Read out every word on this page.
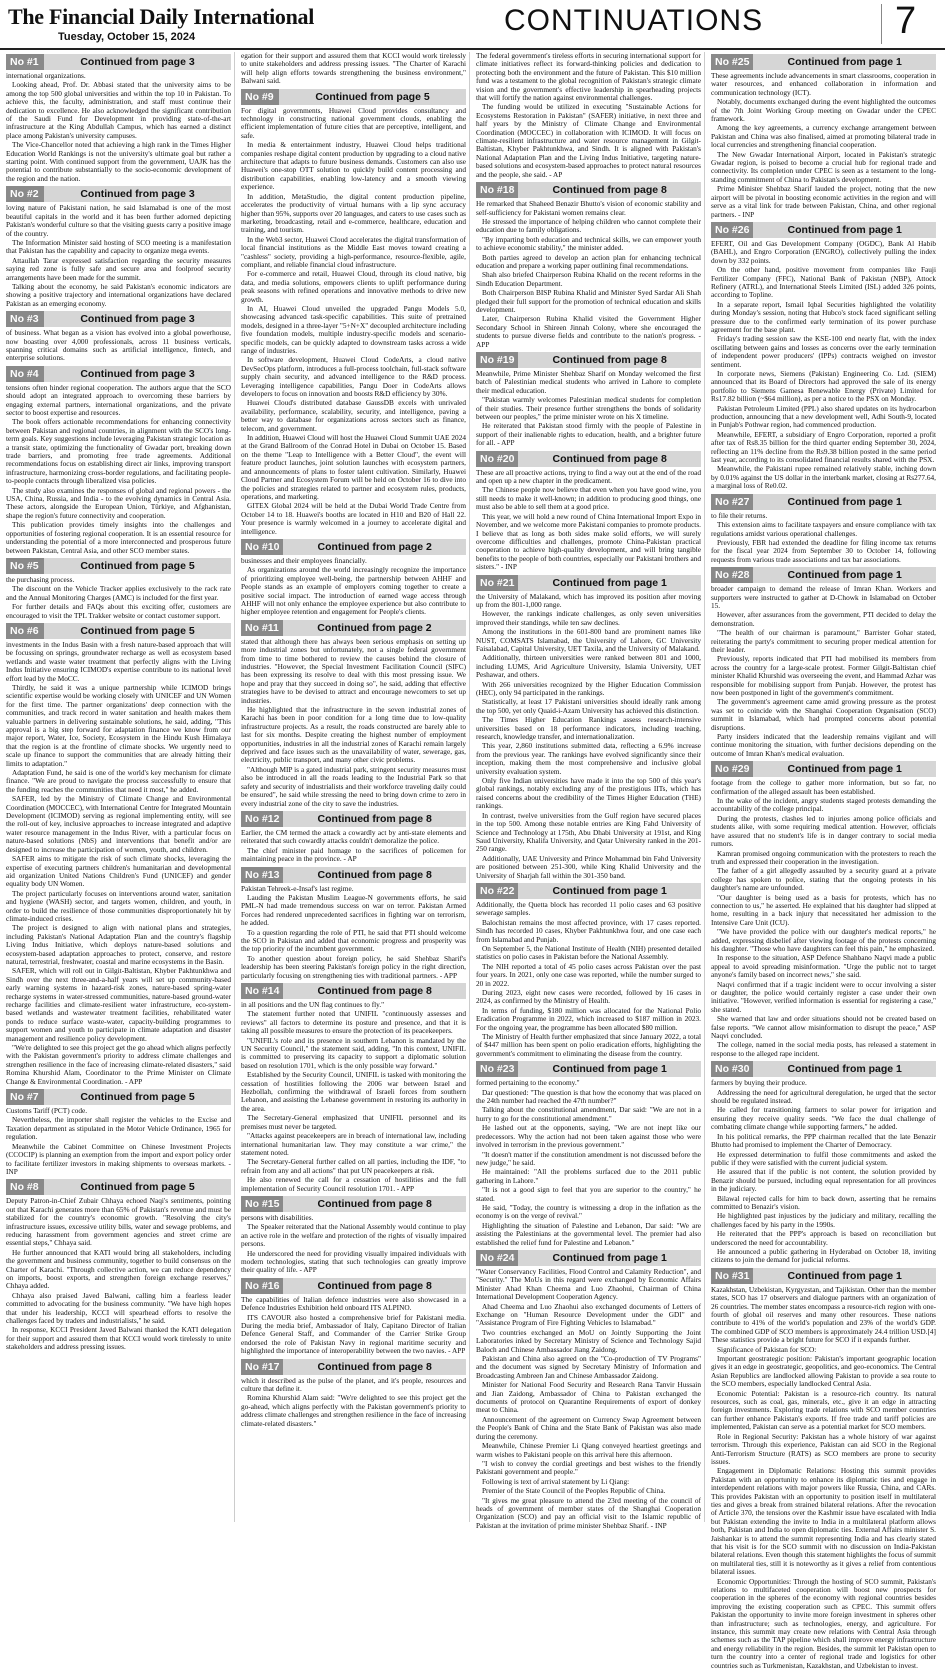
The Financial Daily International
Tuesday, October 15, 2024	CONTINUATIONS	7
No #1	Continued from page 3

international organizations.

Looking ahead, Prof. Dr. Abbasi stated that the university aims to be among the top 500 global universities and within the top 10 in Pakistan. To achieve this, the faculty, administration, and staff must continue their dedication to excellence. He also acknowledged the significant contribution of the Saudi Fund for Development in providing state-of-the-art infrastructure at the King Abdullah Campus, which has earned a distinct place among Pakistan's university campuses.

The Vice-Chancellor noted that achieving a high rank in the Times Higher Education World Rankings is not the university's ultimate goal but rather a starting point. With continued support from the government, UAJK has the potential to contribute substantially to the socio-economic development of the region and the nation.

No #2	Continued from page 3

loving nature of Pakistani nation, he said Islamabad is one of the most beautiful capitals in the world and it has been further adorned depicting Pakistan's wonderful culture so that the visiting guests carry a positive image of the country.

The Information Minister said hosting of SCO meeting is a manifestation that Pakistan has the capability and capacity to organize mega events.

Attaullah Tarar expressed satisfaction regarding the security measures saying red zone is fully safe and secure area and foolproof security arrangements have been made for the summit.

Talking about the economy, he said Pakistan's economic indicators are showing a positive trajectory and international organizations have declared Pakistan as an emerging economy.

No #3	Continued from page 3

of business. What began as a vision has evolved into a global powerhouse, now boasting over 4,000 professionals, across 11 business verticals, spanning critical domains such as artificial intelligence, fintech, and enterprise solutions.

No #4	Continued from page 3

tensions often hinder regional cooperation. The authors argue that the SCO should adopt an integrated approach to overcoming these barriers by engaging external partners, international organizations, and the private sector to boost expertise and resources.

The book offers actionable recommendations for enhancing connectivity between Pakistan and regional countries, in alignment with the SCO's long-term goals. Key suggestions include leveraging Pakistan strategic location as a transit state, optimizing the functionality of Gwadar port, breaking down trade barriers, and promoting free trade agreements. Additional recommendations focus on establishing direct air links, improving transport infrastructure, harmonizing cross-border regulations, and facilitating people-to-people contacts through liberalized visa policies.

The study also examines the responses of global and regional powers - the USA, China, Russia, and India - to the evolving dynamics in Central Asia. These actors, alongside the European Union, Türkiye, and Afghanistan, shape the region's future connectivity and cooperation.

This publication provides timely insights into the challenges and opportunities of fostering regional cooperation. It is an essential resource for understanding the potential of a more interconnected and prosperous future between Pakistan, Central Asia, and other SCO member states.

No #5	Continued from page 5

the purchasing process.

The discount on the Vehicle Tracker applies exclusively to the rack rate and the Annual Monitoring Charges (AMC) is included for the first year.

For further details and FAQs about this exciting offer, customers are encouraged to visit the TPL Trakker website or contact customer support.

No #6	Continued from page 5

investments in the Indus Basin with a fresh nature-based approach that will be focussing on springs, groundwater recharge as well as ecosystem based wetlands and waste water treatment that perfectly aligns with the Living Indus Initiative ensuring ICIMOD's expertise contribute to its national level effort lead by the MoCC.

Thirdly, he said it was a unique partnership while ICIMOD brings scientific expertise would be working closely with UNICEF and UN Women for the first time. The partner organizations' deep connection with the communities, and track record in water sanitation and health makes them valuable partners in delivering sustainable solutions, he said, adding, "This approval is a big step forward for adaptation finance we know from our major report, Water, Ice, Society, Ecosystem in the Hindu Kush Himalaya that the region is at the frontline of climate shocks. We urgently need to scale up finance to support the communities that are already hitting their limits to adaptation."

Adaptation Fund, he said is one of the world's key mechanism for climate finance. "We are proud to navigate the process successfully to ensure that the funding reaches the communities that need it most," he added.

SAFER, led by the Ministry of Climate Change and Environmental Coordination (MOCCEC), with International Centre for Integrated Mountain Development (ICIMOD) serving as regional implementing entity, will see the roll-out of key, inclusive approaches to increase integrated and adaptive water resource management in the Indus River, with a particular focus on nature-based solutions (NbS) and interventions that benefit and/or are designed to increase the participation of women, youth, and children.

SAFER aims to mitigate the risk of such climate shocks, leveraging the expertise of executing partners children's humanitarian and developmental aid organization United Nations Children's Fund (UNICEF) and gender equality body UN Women.

The project particularly focuses on interventions around water, sanitation and hygiene (WASH) sector, and targets women, children, and youth, in order to build the resilience of those communities disproportionately hit by climate-induced crises.

The project is designed to align with national plans and strategies, including Pakistan's National Adaptation Plan and the country's flagship Living Indus Initiative, which deploys nature-based solutions and ecosystem-based adaptation approaches to protect, conserve, and restore natural, terrestrial, freshwater, coastal and marine ecosystems in the Basin.

SAFER, which will roll out in Gilgit-Baltistan, Khyber Pakhtunkhwa and Sindh over the next three-and-a-half years will set up community-based early warning systems in hazard-risk zones, nature-based spring-water recharge systems in water-stressed communities, nature-based ground-water recharge facilities and climate-resilient water infrastructure, eco-system-based wetlands and wastewater treatment facilities, rehabilitated water ponds to reduce surface waste-water, capacity-building programmes to support women and youth to participate in climate adaptation and disaster management and resilience policy development.

"We're delighted to see this project get the go ahead which aligns perfectly with the Pakistan government's priority to address climate challenges and strengthen resilience in the face of increasing climate-related disasters," said Romina Khurshid Alam, Coordinator to the Prime Minister on Climate Change & Environmental Coordination. - APP

No #7	Continued from page 5

Customs Tariff (PCT) code.

Nevertheless, the importer shall register the vehicles to the Excise and Taxation department as stipulated in the Motor Vehicle Ordinance, 1965 for regulation.

Meanwhile the Cabinet Committee on Chinese Investment Projects (CCOCIP) is planning an exemption from the import and export policy order to facilitate fertilizer investors in making shipments to overseas markets. - INP

No #8	Continued from page 5

Deputy Patron-in-Chief Zubair Chhaya echoed Naqi's sentiments, pointing out that Karachi generates more than 65% of Pakistan's revenue and must be stabilized for the country's economic growth. "Resolving the city's infrastructure issues, excessive utility bills, water and sewage problems, and reducing harassment from government agencies and street crime are essential steps," Chhaya said.

He further announced that KATI would bring all stakeholders, including the government and business community, together to build consensus on the Charter of Karachi. "Through collective action, we can reduce dependency on imports, boost exports, and strengthen foreign exchange reserves," Chhaya added.

Chhaya also praised Javed Balwani, calling him a fearless leader committed to advocating for the business community. "We have high hopes that under his leadership, KCCI will spearhead efforts to resolve the challenges faced by traders and industrialists," he said.

In response, KCCI President Javed Balwani thanked the KATI delegation for their support and assured them that KCCI would work tirelessly to unite stakeholders and address pressing issues.

egation for their support and assured them that KCCI would work tirelessly to unite stakeholders and address pressing issues. "The Charter of Karachi will help align efforts towards strengthening the business environment," Balwani said.

No #9	Continued from page 5

For digital governments, Huawei Cloud provides consultancy and technology in constructing national government clouds, enabling the efficient implementation of future cities that are perceptive, intelligent, and safe.

In media & entertainment industry, Huawei Cloud helps traditional companies reshape digital content production by upgrading to a cloud native architecture that adapts to future business demands. Customers can also use Huawei's one-stop OTT solution to quickly build content processing and distribution capabilities, enabling low-latency and a smooth viewing experience.

In addition, MetaStudio, the digital content production pipeline, accelerates the productivity of virtual humans with a lip sync accuracy higher than 95%, supports over 20 languages, and caters to use cases such as marketing, broadcasting, retail and e-commerce, healthcare, education and training, and tourism.

In the Web3 sector, Huawei Cloud accelerates the digital transformation of local financial institutions as the Middle East moves toward creating a "cashless" society, providing a high-performance, resource-flexible, agile, compliant, and reliable financial cloud infrastructure.

For e-commerce and retail, Huawei Cloud, through its cloud native, big data, and media solutions, empowers clients to uplift performance during peak seasons with refined operations and innovative methods to drive new growth.

In AI, Huawei Cloud unveiled the upgraded Pangu Models 5.0, showcasing advanced task-specific capabilities. This suite of pretrained models, designed in a three-layer "5+N+X" decoupled architecture including five foundation models, multiple industry-specific models and scenario-specific models, can be quickly adapted to downstream tasks across a wide range of industries.

In software development, Huawei Cloud CodeArts, a cloud native DevSecOps platform, introduces a full-process toolchain, full-stack software supply chain security, and advanced intelligence to the R&D process. Leveraging intelligence capabilities, Pangu Doer in CodeArts allows developers to focus on innovation and boosts R&D efficiency by 30%.

Huawei Cloud's distributed database GaussDB excels with unrivaled availability, performance, scalability, security, and intelligence, paving a better way to database for organizations across sectors such as finance, telecom, and government.

In addition, Huawei Cloud will host the Huawei Cloud Summit UAE 2024 at the Grand Ballroom of the Conrad Hotel in Dubai on October 15. Based on the theme "Leap to Intelligence with a Better Cloud", the event will feature product launches, joint solution launches with ecosystem partners, and announcements of plans to foster talent cultivation. Similarly, Huawei Cloud Partner and Ecosystem Forum will be held on October 16 to dive into the policies and strategies related to partner and ecosystem rules, products, operations, and marketing.

GITEX Global 2024 will be held at the Dubai World Trade Centre from October 14 to 18. Huawei's booths are located in H10 and B20 of Hall 22. Your presence is warmly welcomed in a journey to accelerate digital and intelligence.

No #10	Continued from page 2

businesses and their employees financially.

As organizations around the world increasingly recognize the importance of prioritizing employee well-being, the partnership between AHHF and People stands as an example of employers coming together to create a positive social impact. The introduction of earned wage access through AHHF will not only enhance the employee experience but also contribute to higher employee retention and engagement for People's clients.

No #11	Continued from page 2

stated that although there has always been serious emphasis on setting up more industrial zones but unfortunately, not a single federal government from time to time bothered to review the causes behind the closure of industries. "However, the Special Investment Facilitation Council (SIFC) has been expressing its resolve to deal with this most pressing issue. We hope and pray that they succeed in doing so", he said, adding that effective strategies have to be devised to attract and encourage newcomers to set up industries.

He highlighted that the infrastructure in the seven industrial zones of Karachi has been in poor condition for a long time due to low-quality infrastructure projects. As a result, the roads constructed are barely able to last for six months. Despite creating the highest number of employment opportunities, industries in all the industrial zones of Karachi remain largely deprived and face issues such as the unavailability of water, sewerage, gas, electricity, public transport, and many other civic problems.

"Although MIP is a gated industrial park, stringent security measures must also be introduced in all the roads leading to the Industrial Park so that safety and security of industrialists and their workforce traveling daily could be ensured", he said while stressing the need to bring down crime to zero in every industrial zone of the city to save the industries.

No #12	Continued from page 8

Earlier, the CM termed the attack a cowardly act by anti-state elements and reiterated that such cowardly attacks couldn't demoralize the police.

The chief minister paid homage to the sacrifices of policemen for maintaining peace in the province. - AP

No #13	Continued from page 8

Pakistan Tehreek-e-Insaf's last regime.

Lauding the Pakistan Muslim League-N governments efforts, he said PML-N had made tremendous success on war on terror. Pakistan Armed Forces had rendered unprecedented sacrifices in fighting war on terrorism, he added.

To a question regarding the role of PTI, he said that PTI should welcome the SCO in Pakistan and added that economic progress and prosperity was the top priority of the incumbent government.

To another question about foreign policy, he said Shehbaz Sharif's leadership has been steering Pakistan's foreign policy in the right direction, particularly focusing on strengthening ties with traditional partners. - APP

No #14	Continued from page 8

in all positions and the UN flag continues to fly."

The statement further noted that UNIFIL "continuously assesses and reviews" all factors to determine its posture and presence, and that it is taking all possible measures to ensure the protection of its peacekeepers.

"UNIFIL's role and its presence in southern Lebanon is mandated by the UN Security Council," the statement said, adding, "In this context, UNIFIL is committed to preserving its capacity to support a diplomatic solution based on resolution 1701, which is the only possible way forward."

Established by the Security Council, UNIFIL is tasked with monitoring the cessation of hostilities following the 2006 war between Israel and Hezbollah, confirming the withdrawal of Israeli forces from southern Lebanon, and assisting the Lebanese government in restoring its authority in the area.

The Secretary-General emphasized that UNIFIL personnel and its premises must never be targeted.

"Attacks against peacekeepers are in breach of international law, including international humanitarian law. They may constitute a war crime," the statement noted.

The Secretary-General further called on all parties, including the IDF, "to refrain from any and all actions" that put UN peacekeepers at risk.

He also renewed the call for a cessation of hostilities and the full implementation of Security Council resolution 1701. - APP

No #15	Continued from page 8

persons with disabilities.

The Speaker reiterated that the National Assembly would continue to play an active role in the welfare and protection of the rights of visually impaired persons.

He underscored the need for providing visually impaired individuals with modern technologies, stating that such technologies can greatly improve their quality of life. - APP

No #16	Continued from page 8

The capabilities of Italian defence industries were also showcased in a Defence Industries Exhibition held onboard ITS ALPINO.

ITS CAVOUR also hosted a comprehensive brief for Pakistani media. During the media brief, Ambassador of Italy, Capitano Director of Italian Defence General Staff, and Commander of the Carrier Strike Group endorsed the role of Pakistan Navy in regional maritime security and highlighted the importance of interoperability between the two navies. - APP

No #17	Continued from page 8

which it described as the pulse of the planet, and it's people, resources and culture that define it.

Romina Khurshid Alam said: "We're delighted to see this project get the go-ahead, which aligns perfectly with the Pakistan government's priority to address climate challenges and strengthen resilience in the face of increasing climate-related disasters."

The federal government's tireless efforts in securing international support for climate initiatives reflect its forward-thinking policies and dedication to protecting both the environment and the future of Pakistan. This $10 million fund was a testament to the global recognition of Pakistan's strategic climate vision and the government's effective leadership in spearheading projects that will fortify the nation against environmental challenges.

The funding would be utilized in executing "Sustainable Actions for Ecosystems Restoration in Pakistan" (SAFER) initiative, in next three and half years by the Ministry of Climate Change and Environmental Coordination (MOCCEC) in collaboration with ICIMOD. It will focus on climate-resilient infrastructure and water resource management in Gilgit-Baltistan, Khyber Pakhtunkhwa, and Sindh. It is aligned with Pakistan's National Adaptation Plan and the Living Indus Initiative, targeting nature-based solutions and ecosystem-based approaches to protect natural resources and the people, she said. - AP

No #18	Continued from page 8

He remarked that Shaheed Benazir Bhutto's vision of economic stability and self-sufficiency for Pakistani women remains clear.

He stressed the importance of helping children who cannot complete their education due to family obligations.

"By imparting both education and technical skills, we can empower youth to achieve economic stability," the minister added.

Both parties agreed to develop an action plan for enhancing technical education and prepare a working paper outlining final recommendations.

Shah also briefed Chairperson Rubina Khalid on the recent reforms in the Sindh Education Department.

Both Chairperson BISP Rubina Khalid and Minister Syed Sardar Ali Shah pledged their full support for the promotion of technical education and skills development.

Later, Chairperson Rubina Khalid visited the Government Higher Secondary School in Shireen Jinnah Colony, where she encouraged the students to pursue diverse fields and contribute to the nation's progress. - APP

No #19	Continued from page 8

Meanwhile, Prime Minister Shehbaz Sharif on Monday welcomed the first batch of Palestinian medical students who arrived in Lahore to complete their medical education.

"Pakistan warmly welcomes Palestinian medical students for completion of their studies. Their presence further strengthens the bonds of solidarity between our peoples," the prime minister wrote on his X timeline.

He reiterated that Pakistan stood firmly with the people of Palestine in support of their inalienable rights to education, health, and a brighter future for all. - APP

No #20	Continued from page 8

These are all proactive actions, trying to find a way out at the end of the road and open up a new chapter in the predicament.

The Chinese people now believe that even when you have good wine, you still needs to make it well-known; in addition to producing good things, one must also be able to sell them at a good price.

This year, we will hold a new round of China International Import Expo in November, and we welcome more Pakistani companies to promote products. I believe that as long as both sides make solid efforts, we will surely overcome difficulties and challenges, promote China-Pakistan practical cooperation to achieve high-quality development, and will bring tangible benefits to the people of both countries, especially our Pakistani brothers and sisters." - INP

No #21	Continued from page 1

the University of Malakand, which has improved its position after moving up from the 801-1,000 range.

However, the rankings indicate challenges, as only seven universities improved their standings, while ten saw declines.

Among the institutions in the 601-800 band are prominent names like NUST, COMSATS Islamabad, the University of Lahore, GC University Faisalabad, Capital University, UET Taxila, and the University of Malakand.

Additionally, thirteen universities were ranked between 801 and 1000, including LUMS, Arid Agriculture University, Islamia University, UET Peshawar, and others.

With 266 universities recognized by the Higher Education Commission (HEC), only 94 participated in the rankings.

Statistically, at least 17 Pakistani universities should ideally rank among the top 500, yet only Quaid-i-Azam University has achieved this distinction.

The Times Higher Education Rankings assess research-intensive universities based on 18 performance indicators, including teaching, research, knowledge transfer, and internationalization.

This year, 2,860 institutions submitted data, reflecting a 6.9% increase from the previous year. The rankings have evolved significantly since their inception, making them the most comprehensive and inclusive global university evaluation system.

Only five Indian universities have made it into the top 500 of this year's global rankings, notably excluding any of the prestigious IITs, which has raised concerns about the credibility of the Times Higher Education (THE) rankings.

In contrast, twelve universities from the Gulf region have secured places in the top 500. Among these notable entries are King Fahd University of Science and Technology at 175th, Abu Dhabi University at 191st, and King Saud University, Khalifa University, and Qatar University ranked in the 201-250 range.

Additionally, UAE University and Prince Mohammad bin Fahd University are positioned between 251-300, while King Khalid University and the University of Sharjah fall within the 301-350 band.

No #22	Continued from page 1

Additionally, the Quetta block has recorded 11 polio cases and 63 positive sewerage samples.

Balochistan remains the most affected province, with 17 cases reported. Sindh has recorded 10 cases, Khyber Pakhtunkhwa four, and one case each from Islamabad and Punjab.

On September 5, the National Institute of Health (NIH) presented detailed statistics on polio cases in Pakistan before the National Assembly.

The NIH reported a total of 45 polio cases across Pakistan over the past four years. In 2021, only one case was reported, while the number surged to 20 in 2022.

During 2023, eight new cases were recorded, followed by 16 cases in 2024, as confirmed by the Ministry of Health.

In terms of funding, $180 million was allocated for the National Polio Eradication Programme in 2022, which increased to $187 million in 2023. For the ongoing year, the programme has been allocated $80 million.

The Ministry of Health further emphasized that since January 2022, a total of $447 million has been spent on polio eradication efforts, highlighting the government's commitment to eliminating the disease from the country.

No #23	Continued from page 1

formed pertaining to the economy."

Dar questioned: "The question is that how the economy that was placed on the 24th number had reached the 47th number?"

Talking about the constitutional amendment, Dar said: "We are not in a hurry to go for the constitutional amendment."

He lashed out at the opponents, saying, "We are not inept like our predecessors. Why the action had not been taken against those who were involved in terrorism in the previous government."

"It doesn't matter if the constitution amendment is not discussed before the new judge," he said.

He maintained: "All the problems surfaced due to the 2011 public gathering in Lahore."

"It is not a good sign to feel that you are superior to the country," he stated.

He said, "Today, the country is witnessing a drop in the inflation as the economy is on the verge of revival."

Highlighting the situation of Palestine and Lebanon, Dar said: "We are assisting the Palestinians at the governmental level. The premier had also established the relief fund for Palestine and Lebanon."

No #24	Continued from page 1

"Water Conservancy Facilities, Flood Control and Calamity Reduction", and "Security." The MoUs in this regard were exchanged by Economic Affairs Minister Ahad Khan Cheema and Luo Zhaohui, Chairman of China International Development Cooperation Agency.

Ahad Cheema and Luo Zhaohui also exchanged documents of Letters of Exchange on "Human Resource Development under the GDI" and "Assistance Program of Fire Fighting Vehicles to Islamabad."

Two countries exchanged an MoU on Jointly Supporting the Joint Laboratories inked by Secretary Ministry of Science and Technology Sajid Baloch and Chinese Ambassador Jiang Zaidong.

Pakistan and China also agreed on the "Co-production of TV Programs" and the document was signed by Secretary Ministry of Information and Broadcasting Ambreen Jan and Chinese Ambassador Zaidong.

Minister for National Food Security and Research Rana Tanvir Hussain and Jian Zaidong, Ambassador of China to Pakistan exchanged the documents of protocol on Quarantine Requirements of export of donkey meat to China.

Announcement of the agreement on Currency Swap Agreement between the People's Bank of China and the State Bank of Pakistan was also made during the ceremony.

Meanwhile, Chinese Premier Li Qiang conveyed heartiest greetings and warm wishes to Pakistani people on this arrival here this afternoon.

"I wish to convey the cordial greetings and best wishes to the friendly Pakistani government and people."

Following is text of arrival statement by Li Qiang:

Premier of the State Council of the Peoples Republic of China.

"It gives me great pleasure to attend the 23rd meeting of the council of heads of government of member states of the Shanghai Cooperation Organization (SCO) and pay an official visit to the Islamic republic of Pakistan at the invitation of prime minister Shehbaz Sharif. - INP

No #25	Continued from page 1

These agreements include advancements in smart classrooms, cooperation in water resources, and enhanced collaboration in information and communication technology (ICT).

Notably, documents exchanged during the event highlighted the outcomes of the 7th Joint Working Group meeting on Gwadar under the CPEC framework.

Among the key agreements, a currency exchange arrangement between Pakistan and China was also finalised, aimed at promoting bilateral trade in local currencies and strengthening financial cooperation.

The New Gwadar International Airport, located in Pakistan's strategic Gwadar region, is poised to become a crucial hub for regional trade and connectivity. Its completion under CPEC is seen as a testament to the long-standing commitment of China to Pakistan's development.

Prime Minister Shehbaz Sharif lauded the project, noting that the new airport will be pivotal in boosting economic activities in the region and will serve as a vital link for trade between Pakistan, China, and other regional partners. - INP

No #26	Continued from page 1

EFERT, Oil and Gas Development Company (OGDC), Bank Al Habib (BAHL), and Engro Corporation (ENGRO), collectively pulling the index down by 332 points.

On the other hand, positive movement from companies like Fauji Fertilizer Company (FFC), National Bank of Pakistan (NBP), Attock Refinery (ATRL), and International Steels Limited (ISL) added 326 points, according to Topline.

In a separate report, Ismail Iqbal Securities highlighted the volatility during Monday's session, noting that Hubco's stock faced significant selling pressure due to the confirmed early termination of its power purchase agreement for the base plant.

Friday's trading session saw the KSE-100 end nearly flat, with the index oscillating between gains and losses as concerns over the early termination of independent power producers' (IPPs) contracts weighed on investor sentiment.

In corporate news, Siemens (Pakistan) Engineering Co. Ltd. (SIEM) announced that its Board of Directors had approved the sale of its energy portfolio to Siemens Gamesa Renewable Energy (Private) Limited for Rs17.82 billion (~$64 million), as per a notice to the PSX on Monday.

Pakistan Petroleum Limited (PPL) also shared updates on its hydrocarbon production, announcing that a new development well, Adhi South-9, located in Punjab's Pothwar region, had commenced production.

Meanwhile, EFERT, a subsidiary of Engro Corporation, reported a profit after tax of Rs8.35 billion for the third quarter ending September 30, 2024, reflecting an 11% decline from the Rs9.38 billion posted in the same period last year, according to its consolidated financial results shared with the PSX.

Meanwhile, the Pakistani rupee remained relatively stable, inching down by 0.01% against the US dollar in the interbank market, closing at Rs277.64, a marginal loss of Re0.02.

No #27	Continued from page 1

to file their returns.

This extension aims to facilitate taxpayers and ensure compliance with tax regulations amidst various operational challenges.

Previously, FBR had extended the deadline for filing income tax returns for the fiscal year 2024 from September 30 to October 14, following requests from various trade associations and tax bar associations.

No #28	Continued from page 1

broader campaign to demand the release of Imran Khan. Workers and supporters were instructed to gather at D-Chowk in Islamabad on October 15.

However, after assurances from the government, PTI decided to delay the demonstration.

"The health of our chairman is paramount," Barrister Gohar stated, reiterating the party's commitment to securing proper medical attention for their leader.

Previously, reports indicated that PTI had mobilised its members from across the country for a large-scale protest. Former Gilgit-Baltistan chief minister Khalid Khurshid was overseeing the event, and Hammad Azhar was responsible for mobilising support from Punjab. However, the protest has now been postponed in light of the government's commitment.

The government's agreement came amid growing pressure as the protest was set to coincide with the Shanghai Cooperation Organisation (SCO) summit in Islamabad, which had prompted concerns about potential disruptions.

Party insiders indicated that the leadership remains vigilant and will continue monitoring the situation, with further decisions depending on the outcome of Imran Khan's medical evaluation.

No #29	Continued from page 1

footage from the college to gather more information, but so far, no confirmation of the alleged assault has been established.

In the wake of the incident, angry students staged protests demanding the accountability of the college principal.

During the protests, clashes led to injuries among police officials and students alike, with some requiring medical attention. However, officials have assured that no student's life is in danger contrary to social media rumors.

Kamran promised ongoing communication with the protesters to reach the truth and expressed their cooperation in the investigation.

The father of a girl allegedly assaulted by a security guard at a private college has spoken to police, stating that the ongoing protests in his daughter's name are unfounded.

"Our daughter is being used as a basis for protests, which has no connection to us," he asserted. He explained that his daughter had slipped at home, resulting in a back injury that necessitated her admission to the Intensive Care Unit (ICU).

"We have provided the police with our daughter's medical reports," he added, expressing disbelief after viewing footage of the protests concerning his daughter. "Those who have daughters can feel this pain," he emphasized.

In response to the situation, ASP Defence Shahbano Naqvi made a public appeal to avoid spreading misinformation. "Urge the public not to target anyone's family based on incorrect news," she said.

Naqvi confirmed that if a tragic incident were to occur involving a sister or daughter, the police would certainly register a case under their own initiative. "However, verified information is essential for registering a case," she stated.

She warned that law and order situations should not be created based on false reports. "We cannot allow misinformation to disrupt the peace," ASP Naqvi concluded.

The college, named in the social media posts, has released a statement in response to the alleged rape incident.

No #30	Continued from page 1

farmers by buying their produce.

Addressing the need for agricultural deregulation, he urged that the sector should be regulated instead.

He called for transitioning farmers to solar power for irrigation and ensuring they receive quality seeds. "We face the dual challenge of combating climate change while supporting farmers," he added.

In his political remarks, the PPP chairman recalled that the late Benazir Bhutto had promised to implement the Charter of Democracy.

He expressed determination to fulfil those commitments and asked the public if they were satisfied with the current judicial system.

He assured that if the public is not content, the solution provided by Benazir should be pursued, including equal representation for all provinces in the judiciary.

Bilawal rejected calls for him to back down, asserting that he remains committed to Benazir's vision.

He highlighted past injustices by the judiciary and military, recalling the challenges faced by his party in the 1990s.

He reiterated that the PPP's approach is based on reconciliation but underscored the need for accountability.

He announced a public gathering in Hyderabad on October 18, inviting citizens to join the demand for judicial reforms.

No #31	Continued from page 1

Kazakhstan, Uzbekistan, Kyrgyzstan, and Tajikistan. Other than the member states, SCO has 17 observers and dialogue partners with an organization of 26 countries. The member states encompass a resource-rich region with one-fourth of global oil reserves and many other resources. These nations contribute to 41% of the world's population and 23% of the world's GDP. The combined GDP of SCO members is approximately 24.4 trillion USD.[4] These statistics provide a bright future for SCO if it expands further.

Significance of Pakistan for SCO:

Important geostrategic position: Pakistan's important geographic location gives it an edge in geostrategic, geopolitics, and geo-economics. The Central Asian Republics are landlocked allowing Pakistan to provide a sea route to the SCO members, especially landlocked Central Asia.

Economic Potential: Pakistan is a resource-rich country. Its natural resources, such as coal, gas, minerals, etc., give it an edge in attracting foreign investments. Exploring trade relations with SCO member countries can further enhance Pakistan's exports. If free trade and tariff policies are implemented, Pakistan can serve as a potential market for SCO members.

Role in Regional Security: Pakistan has a whole history of war against terrorism. Through this experience, Pakistan can aid SCO in the Regional Anti-Terrorism Structure (RATS) as SCO members are prone to security issues.

Engagement in Diplomatic Relations: Hosting this summit provides Pakistan with an opportunity to enhance its diplomatic ties and engage in interdependent relations with major powers like Russia, China, and CARs. This provides Pakistan with an opportunity to position itself in multilateral ties and gives a break from strained bilateral relations. After the revocation of Article 370, the tensions over the Kashmir issue have escalated with India but Pakistan extending the invite to India in a multilateral platform allows both, Pakistan and India to open diplomatic ties. External Affairs minister S. Jaishankar is to attend the summit representing India and has clearly stated that his visit is for the SCO summit with no discussion on India-Pakistan bilateral relations. Even though this statement highlights the focus of summit on multilateral ties, still it is noteworthy as it gives a relief from contentious bilateral issues.

Economic Opportunities: Through the hosting of SCO summit, Pakistan's relations to multifaceted cooperation will boost new prospects for cooperation in the spheres of the economy with regional countries besides improving the existing cooperation such as CPEC. This summit offers Pakistan the opportunity to invite more foreign investment in spheres other than infrastructure; such as technologies, energy, and agriculture. For instance, this summit may create new relations with Central Asia through schemes such as the TAP pipeline which shall improve energy infrastructure and energy reliability in the region. Besides, the summit let Pakistan open to turn the country into a center of regional trade and logistics for other countries such as Turkmenistan, Kazakhstan, and Uzbekistan to invest.
